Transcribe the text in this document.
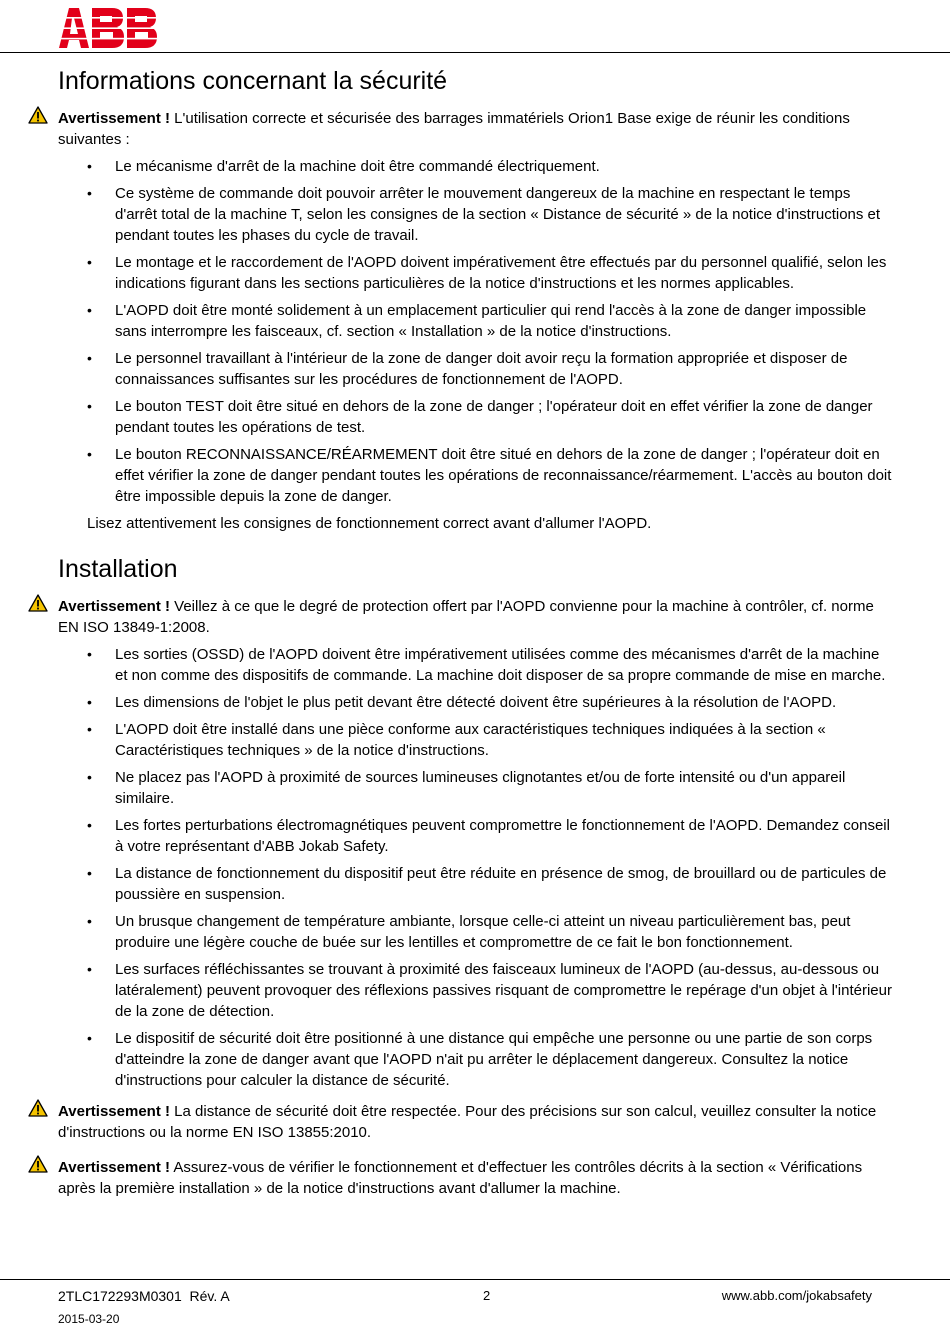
Informations concernant la sécurité
Avertissement ! L'utilisation correcte et sécurisée des barrages immatériels Orion1 Base exige de réunir les conditions suivantes :
• Le mécanisme d'arrêt de la machine doit être commandé électriquement.
• Ce système de commande doit pouvoir arrêter le mouvement dangereux de la machine en respectant le temps d'arrêt total de la machine T, selon les consignes de la section « Distance de sécurité » de la notice d'instructions et pendant toutes les phases du cycle de travail.
• Le montage et le raccordement de l'AOPD doivent impérativement être effectués par du personnel qualifié, selon les indications figurant dans les sections particulières de la notice d'instructions et les normes applicables.
• L'AOPD doit être monté solidement à un emplacement particulier qui rend l'accès à la zone de danger impossible sans interrompre les faisceaux, cf. section « Installation » de la notice d'instructions.
• Le personnel travaillant à l'intérieur de la zone de danger doit avoir reçu la formation appropriée et disposer de connaissances suffisantes sur les procédures de fonctionnement de l'AOPD.
• Le bouton TEST doit être situé en dehors de la zone de danger ; l'opérateur doit en effet vérifier la zone de danger pendant toutes les opérations de test.
• Le bouton RECONNAISSANCE/RÉARMEMENT doit être situé en dehors de la zone de danger ; l'opérateur doit en effet vérifier la zone de danger pendant toutes les opérations de reconnaissance/réarmement. L'accès au bouton doit être impossible depuis la zone de danger.

Lisez attentivement les consignes de fonctionnement correct avant d'allumer l'AOPD.

Installation
Avertissement ! Veillez à ce que le degré de protection offert par l'AOPD convienne pour la machine à contrôler, cf. norme EN ISO 13849-1:2008.
• Les sorties (OSSD) de l'AOPD doivent être impérativement utilisées comme des mécanismes d'arrêt de la machine et non comme des dispositifs de commande. La machine doit disposer de sa propre commande de mise en marche.
• Les dimensions de l'objet le plus petit devant être détecté doivent être supérieures à la résolution de l'AOPD.
• L'AOPD doit être installé dans une pièce conforme aux caractéristiques techniques indiquées à la section « Caractéristiques techniques » de la notice d'instructions.
• Ne placez pas l'AOPD à proximité de sources lumineuses clignotantes et/ou de forte intensité ou d'un appareil similaire.
• Les fortes perturbations électromagnétiques peuvent compromettre le fonctionnement de l'AOPD. Demandez conseil à votre représentant d'ABB Jokab Safety.
• La distance de fonctionnement du dispositif peut être réduite en présence de smog, de brouillard ou de particules de poussière en suspension.
• Un brusque changement de température ambiante, lorsque celle-ci atteint un niveau particulièrement bas, peut produire une légère couche de buée sur les lentilles et compromettre de ce fait le bon fonctionnement.
• Les surfaces réfléchissantes se trouvant à proximité des faisceaux lumineux de l'AOPD (au-dessus, au-dessous ou latéralement) peuvent provoquer des réflexions passives risquant de compromettre le repérage d'un objet à l'intérieur de la zone de détection.
• Le dispositif de sécurité doit être positionné à une distance qui empêche une personne ou une partie de son corps d'atteindre la zone de danger avant que l'AOPD n'ait pu arrêter le déplacement dangereux. Consultez la notice d'instructions pour calculer la distance de sécurité.
Avertissement ! La distance de sécurité doit être respectée. Pour des précisions sur son calcul, veuillez consulter la notice d'instructions ou la norme EN ISO 13855:2010.
Avertissement ! Assurez-vous de vérifier le fonctionnement et d'effectuer les contrôles décrits à la section « Vérifications après la première installation » de la notice d'instructions avant d'allumer la machine.
2TLC172293M0301  Rév. A	2	www.abb.com/jokabsafety
2015-03-20
